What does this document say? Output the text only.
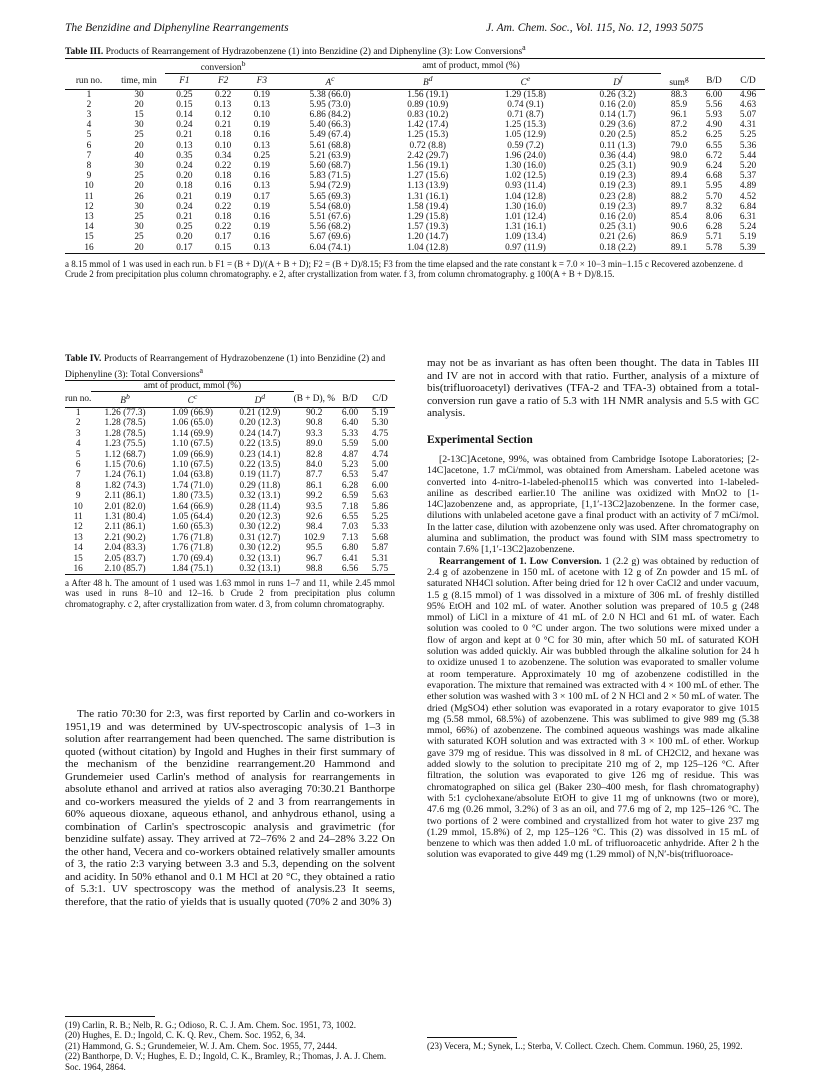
The Benzidine and Diphenyline Rearrangements	J. Am. Chem. Soc., Vol. 115, No. 12, 1993 5075
Table III. Products of Rearrangement of Hydrazobenzene (1) into Benzidine (2) and Diphenyline (3): Low Conversions$^a$
		conversion$^b$			amt of product, mmol (%)						
run no.	time, min	F1	F2	F3	$A^c$	$B^d$	Ce	$D^f$	sum$^g$	B/D	C/D
1	30	0.25	0.22	0.19	5.38 (66.0)	1.56 (19.1)	1.29 (15.8)	0.26 (3.2)	88.3	6.00	4.96
2	20	0.15	0.13	0.13	5.95 (73.0)	0.89 (10.9)	0.74 (9.1)	0.16 (2.0)	85.9	5.56	4.63
3	15	0.14	0.12	0.10	6.86 (84.2)	0.83 (10.2)	0.71 (8.7)	0.14 (1.7)	96.1	5.93	5.07
4	30	0.24	0.21	0.19	5.40 (66.3)	1.42 (17.4)	1.25 (15.3)	0.29 (3.6)	87.2	4.90	4.31
5	25	0.21	0.18	0.16	5.49 (67.4)	1.25 (15.3)	1.05 (12.9)	0.20 (2.5)	85.2	6.25	5.25
6	20	0.13	0.10	0.13	5.61 (68.8)	0.72 (8.8)	0.59 (7.2)	0.11 (1.3)	79.0	6.55	5.36
7	40	0.35	0.34	0.25	5.21 (63.9)	2.42 (29.7)	1.96 (24.0)	0.36 (4.4)	98.0	6.72	5.44
8	30	0.24	0.22	0.19	5.60 (68.7)	1.56 (19.1)	1.30 (16.0)	0.25 (3.1)	90.9	6.24	5.20
9	25	0.20	0.18	0.16	5.83 (71.5)	1.27 (15.6)	1.02 (12.5)	0.19 (2.3)	89.4	6.68	5.37
10	20	0.18	0.16	0.13	5.94 (72.9)	1.13 (13.9)	0.93 (11.4)	0.19 (2.3)	89.1	5.95	4.89
11	26	0.21	0.19	0.17	5.65 (69.3)	1.31 (16.1)	1.04 (12.8)	0.23 (2.8)	88.2	5.70	4.52
12	30	0.24	0.22	0.19	5.54 (68.0)	1.58 (19.4)	1.30 (16.0)	0.19 (2.3)	89.7	8.32	6.84
13	25	0.21	0.18	0.16	5.51 (67.6)	1.29 (15.8)	1.01 (12.4)	0.16 (2.0)	85.4	8.06	6.31
14	30	0.25	0.22	0.19	5.56 (68.2)	1.57 (19.3)	1.31 (16.1)	0.25 (3.1)	90.6	6.28	5.24
15	25	0.20	0.17	0.16	5.67 (69.6)	1.20 (14.7)	1.09 (13.4)	0.21 (2.6)	86.9	5.71	5.19
16	20	0.17	0.15	0.13	6.04 (74.1)	1.04 (12.8)	0.97 (11.9)	0.18 (2.2)	89.1	5.78	5.39
a 8.15 mmol of 1 was used in each run. b F1 = (B + D)/(A + B + D); F2 = (B + D)/8.15; F3 from the time elapsed and the rate constant k = 7.0 × 10−3 min−1.15 c Recovered azobenzene. d Crude 2 from precipitation plus column chromatography. e 2, after crystallization from water. f 3, from column chromatography. g 100(A + B + D)/8.15.
Table IV. Products of Rearrangement of Hydrazobenzene (1) into Benzidine (2) and Diphenyline (3): Total Conversions$^a$
	amt of product, mmol (%)					
run no.	$B^b$	$C^c$	$D^d$	(B + D), %	B/D	C/D
1	1.26 (77.3)	1.09 (66.9)	0.21 (12.9)	90.2	6.00	5.19
2	1.28 (78.5)	1.06 (65.0)	0.20 (12.3)	90.8	6.40	5.30
3	1.28 (78.5)	1.14 (69.9)	0.24 (14.7)	93.3	5.33	4.75
4	1.23 (75.5)	1.10 (67.5)	0.22 (13.5)	89.0	5.59	5.00
5	1.12 (68.7)	1.09 (66.9)	0.23 (14.1)	82.8	4.87	4.74
6	1.15 (70.6)	1.10 (67.5)	0.22 (13.5)	84.0	5.23	5.00
7	1.24 (76.1)	1.04 (63.8)	0.19 (11.7)	87.7	6.53	5.47
8	1.82 (74.3)	1.74 (71.0)	0.29 (11.8)	86.1	6.28	6.00
9	2.11 (86.1)	1.80 (73.5)	0.32 (13.1)	99.2	6.59	5.63
10	2.01 (82.0)	1.64 (66.9)	0.28 (11.4)	93.5	7.18	5.86
11	1.31 (80.4)	1.05 (64.4)	0.20 (12.3)	92.6	6.55	5.25
12	2.11 (86.1)	1.60 (65.3)	0.30 (12.2)	98.4	7.03	5.33
13	2.21 (90.2)	1.76 (71.8)	0.31 (12.7)	102.9	7.13	5.68
14	2.04 (83.3)	1.76 (71.8)	0.30 (12.2)	95.5	6.80	5.87
15	2.05 (83.7)	1.70 (69.4)	0.32 (13.1)	96.7	6.41	5.31
16	2.10 (85.7)	1.84 (75.1)	0.32 (13.1)	98.8	6.56	5.75
a After 48 h. The amount of 1 used was 1.63 mmol in runs 1–7 and 11, while 2.45 mmol was used in runs 8–10 and 12–16. b Crude 2 from precipitation plus column chromatography. c 2, after crystallization from water. d 3, from column chromatography.

The ratio 70:30 for 2:3, was first reported by Carlin and co-workers in 1951,19 and was determined by UV-spectroscopic analysis of 1–3 in solution after rearrangement had been quenched. The same distribution is quoted (without citation) by Ingold and Hughes in their first summary of the mechanism of the benzidine rearrangement.20 Hammond and Grundemeier used Carlin's method of analysis for rearrangements in absolute ethanol and arrived at ratios also averaging 70:30.21 Banthorpe and co-workers measured the yields of 2 and 3 from rearrangements in 60% aqueous dioxane, aqueous ethanol, and anhydrous ethanol, using a combination of Carlin's spectroscopic analysis and gravimetric (for benzidine sulfate) assay. They arrived at 72–76% 2 and 24–28% 3.22 On the other hand, Vecera and co-workers obtained relatively smaller amounts of 3, the ratio 2:3 varying between 3.3 and 5.3, depending on the solvent and acidity. In 50% ethanol and 0.1 M HCl at 20 °C, they obtained a ratio of 5.3:1. UV spectroscopy was the method of analysis.23 It seems, therefore, that the ratio of yields that is usually quoted (70% 2 and 30% 3)

(19) Carlin, R. B.; Nelb, R. G.; Odioso, R. C. J. Am. Chem. Soc. 1951, 73, 1002.
(20) Hughes, E. D.; Ingold, C. K. Q. Rev., Chem. Soc. 1952, 6, 34.
(21) Hammond, G. S.; Grundemeier, W. J. Am. Chem. Soc. 1955, 77, 2444.
(22) Banthorpe, D. V.; Hughes, E. D.; Ingold, C. K., Bramley, R.; Thomas, J. A. J. Chem. Soc. 1964, 2864.

may not be as invariant as has often been thought. The data in Tables III and IV are not in accord with that ratio. Further, analysis of a mixture of bis(trifluoroacetyl) derivatives (TFA-2 and TFA-3) obtained from a total-conversion run gave a ratio of 5.3 with 1H NMR analysis and 5.5 with GC analysis.

Experimental Section

[2-13C]Acetone, 99%, was obtained from Cambridge Isotope Laboratories; [2-14C]acetone, 1.7 mCi/mmol, was obtained from Amersham. Labeled acetone was converted into 4-nitro-1-labeled-phenol15 which was converted into 1-labeled-aniline as described earlier.10 The aniline was oxidized with MnO2 to [1-14C]azobenzene and, as appropriate, [1,1′-13C2]azobenzene. In the former case, dilutions with unlabeled acetone gave a final product with an activity of 7 mCi/mol. In the latter case, dilution with azobenzene only was used. After chromatography on alumina and sublimation, the product was found with SIM mass spectrometry to contain 7.6% [1,1′-13C2]azobenzene.

Rearrangement of 1. Low Conversion. 1 (2.2 g) was obtained by reduction of 2.4 g of azobenzene in 150 mL of acetone with 12 g of Zn powder and 15 mL of saturated NH4Cl solution. After being dried for 12 h over CaCl2 and under vacuum, 1.5 g (8.15 mmol) of 1 was dissolved in a mixture of 306 mL of freshly distilled 95% EtOH and 102 mL of water. Another solution was prepared of 10.5 g (248 mmol) of LiCl in a mixture of 41 mL of 2.0 N HCl and 61 mL of water. Each solution was cooled to 0 °C under argon. The two solutions were mixed under a flow of argon and kept at 0 °C for 30 min, after which 50 mL of saturated KOH solution was added quickly. Air was bubbled through the alkaline solution for 24 h to oxidize unused 1 to azobenzene. The solution was evaporated to smaller volume at room temperature. Approximately 10 mg of azobenzene codistilled in the evaporation. The mixture that remained was extracted with 4 × 100 mL of ether. The ether solution was washed with 3 × 100 mL of 2 N HCl and 2 × 50 mL of water. The dried (MgSO4) ether solution was evaporated in a rotary evaporator to give 1015 mg (5.58 mmol, 68.5%) of azobenzene. This was sublimed to give 989 mg (5.38 mmol, 66%) of azobenzene. The combined aqueous washings was made alkaline with saturated KOH solution and was extracted with 3 × 100 mL of ether. Workup gave 379 mg of residue. This was dissolved in 8 mL of CH2Cl2, and hexane was added slowly to the solution to precipitate 210 mg of 2, mp 125–126 °C. After filtration, the solution was evaporated to give 126 mg of residue. This was chromatographed on silica gel (Baker 230–400 mesh, for flash chromatography) with 5:1 cyclohexane/absolute EtOH to give 11 mg of unknowns (two or more), 47.6 mg (0.26 mmol, 3.2%) of 3 as an oil, and 77.6 mg of 2, mp 125–126 °C. The two portions of 2 were combined and crystallized from hot water to give 237 mg (1.29 mmol, 15.8%) of 2, mp 125–126 °C. This (2) was dissolved in 15 mL of benzene to which was then added 1.0 mL of trifluoroacetic anhydride. After 2 h the solution was evaporated to give 449 mg (1.29 mmol) of N,N′-bis(trifluoroace-

(23) Vecera, M.; Synek, L.; Sterba, V. Collect. Czech. Chem. Commun. 1960, 25, 1992.
